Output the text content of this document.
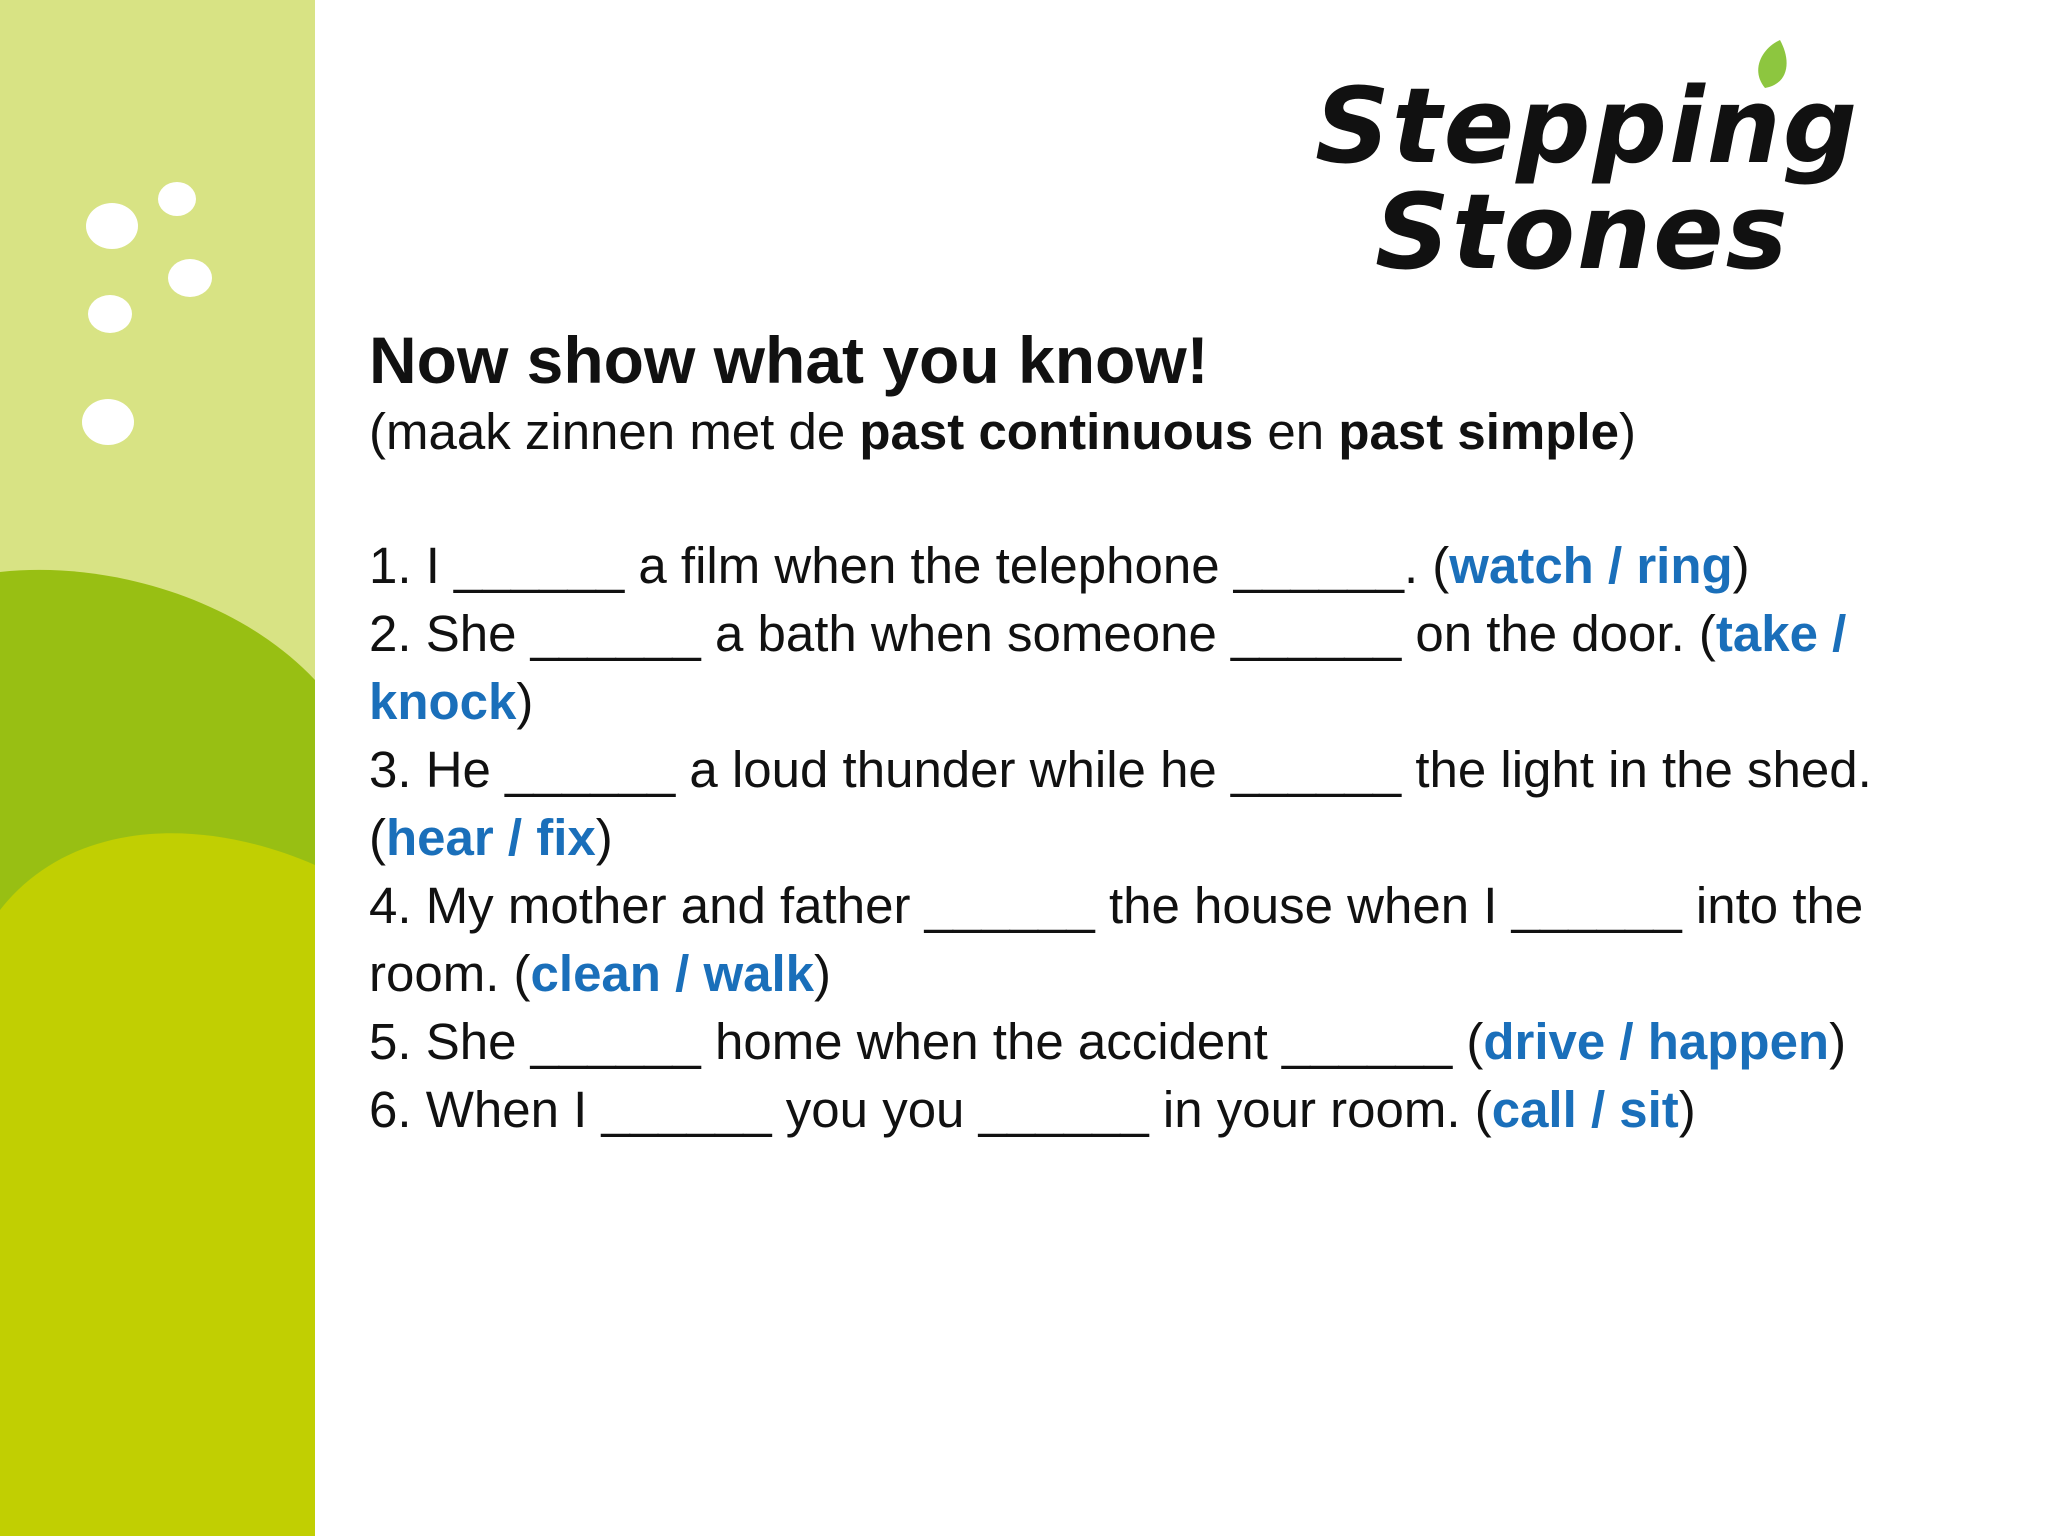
Stepping
Stones
Now show what you know!

(maak zinnen met de past continuous en past simple)

1. I ______ a film when the telephone ______. (watch / ring)
2. She ______ a bath when someone ______ on the door. (take / knock)
3. He ______ a loud thunder while he ______ the light in the shed. (hear / fix)
4. My mother and father ______ the house when I ______ into the room. (clean / walk)
5. She ______ home when the accident ______ (drive / happen)
6. When I ______ you you ______ in your room. (call / sit)
